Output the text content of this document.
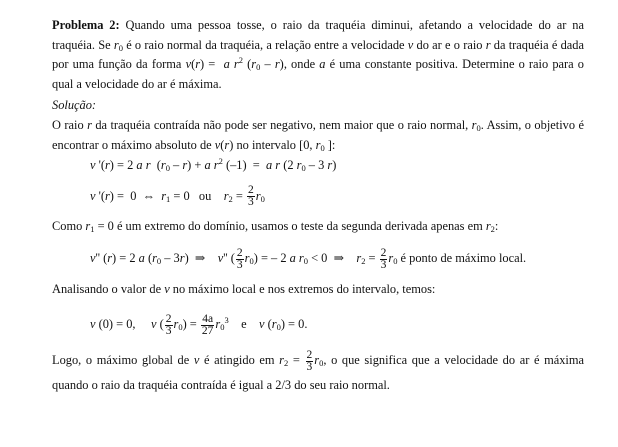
Problema 2: Quando uma pessoa tosse, o raio da traquéia diminui, afetando a velocidade do ar na traquéia. Se $r_0$ é o raio normal da traquéia, a relação entre a velocidade v do ar e o raio r da traquéia é dada por uma função da forma v(r) =  a $r^2$ $(r_0 - r)$, onde a é uma constante positiva. Determine o raio para o qual a velocidade do ar é máxima.

Solução:

O raio r da traquéia contraída não pode ser negativo, nem maior que o raio normal, $r_0$. Assim, o objetivo é encontrar o máximo absoluto de v(r) no intervalo [0, $r_0$ ]:

v '(r) = 2 a r  $(r_0 - r) + a$ $r^2$ (–1)  =  a r (2 $r_0 - 3$ r)
v '(r) =  0  ⇔  $r_1 = 0$   ou    $r_2 = \frac{2}{3} r_0$

Como $r_1 = 0$ é um extremo do domínio, usamos o teste da segunda derivada apenas em $r_2$:

v'' (r) = 2 a $(r_0 - 3r)$  ⇒    v'' ( $\frac{2}{3} r_0$) = – 2 a $r_0 < 0$  ⇒    $r_2 = \frac{2}{3} r_0$ é ponto de máximo local.

Analisando o valor de v no máximo local e nos extremos do intervalo, temos:

v (0) = 0,     v ( $\frac{2}{3} r_0) = \frac{4a}{27} r_0^3$    e    v $(r_0) = 0$.

Logo, o máximo global de v é atingido em $r_2 = \frac{2}{3} r_0$, o que significa que a velocidade do ar é máxima quando o raio da traquéia contraída é igual a 2/3 do seu raio normal.
